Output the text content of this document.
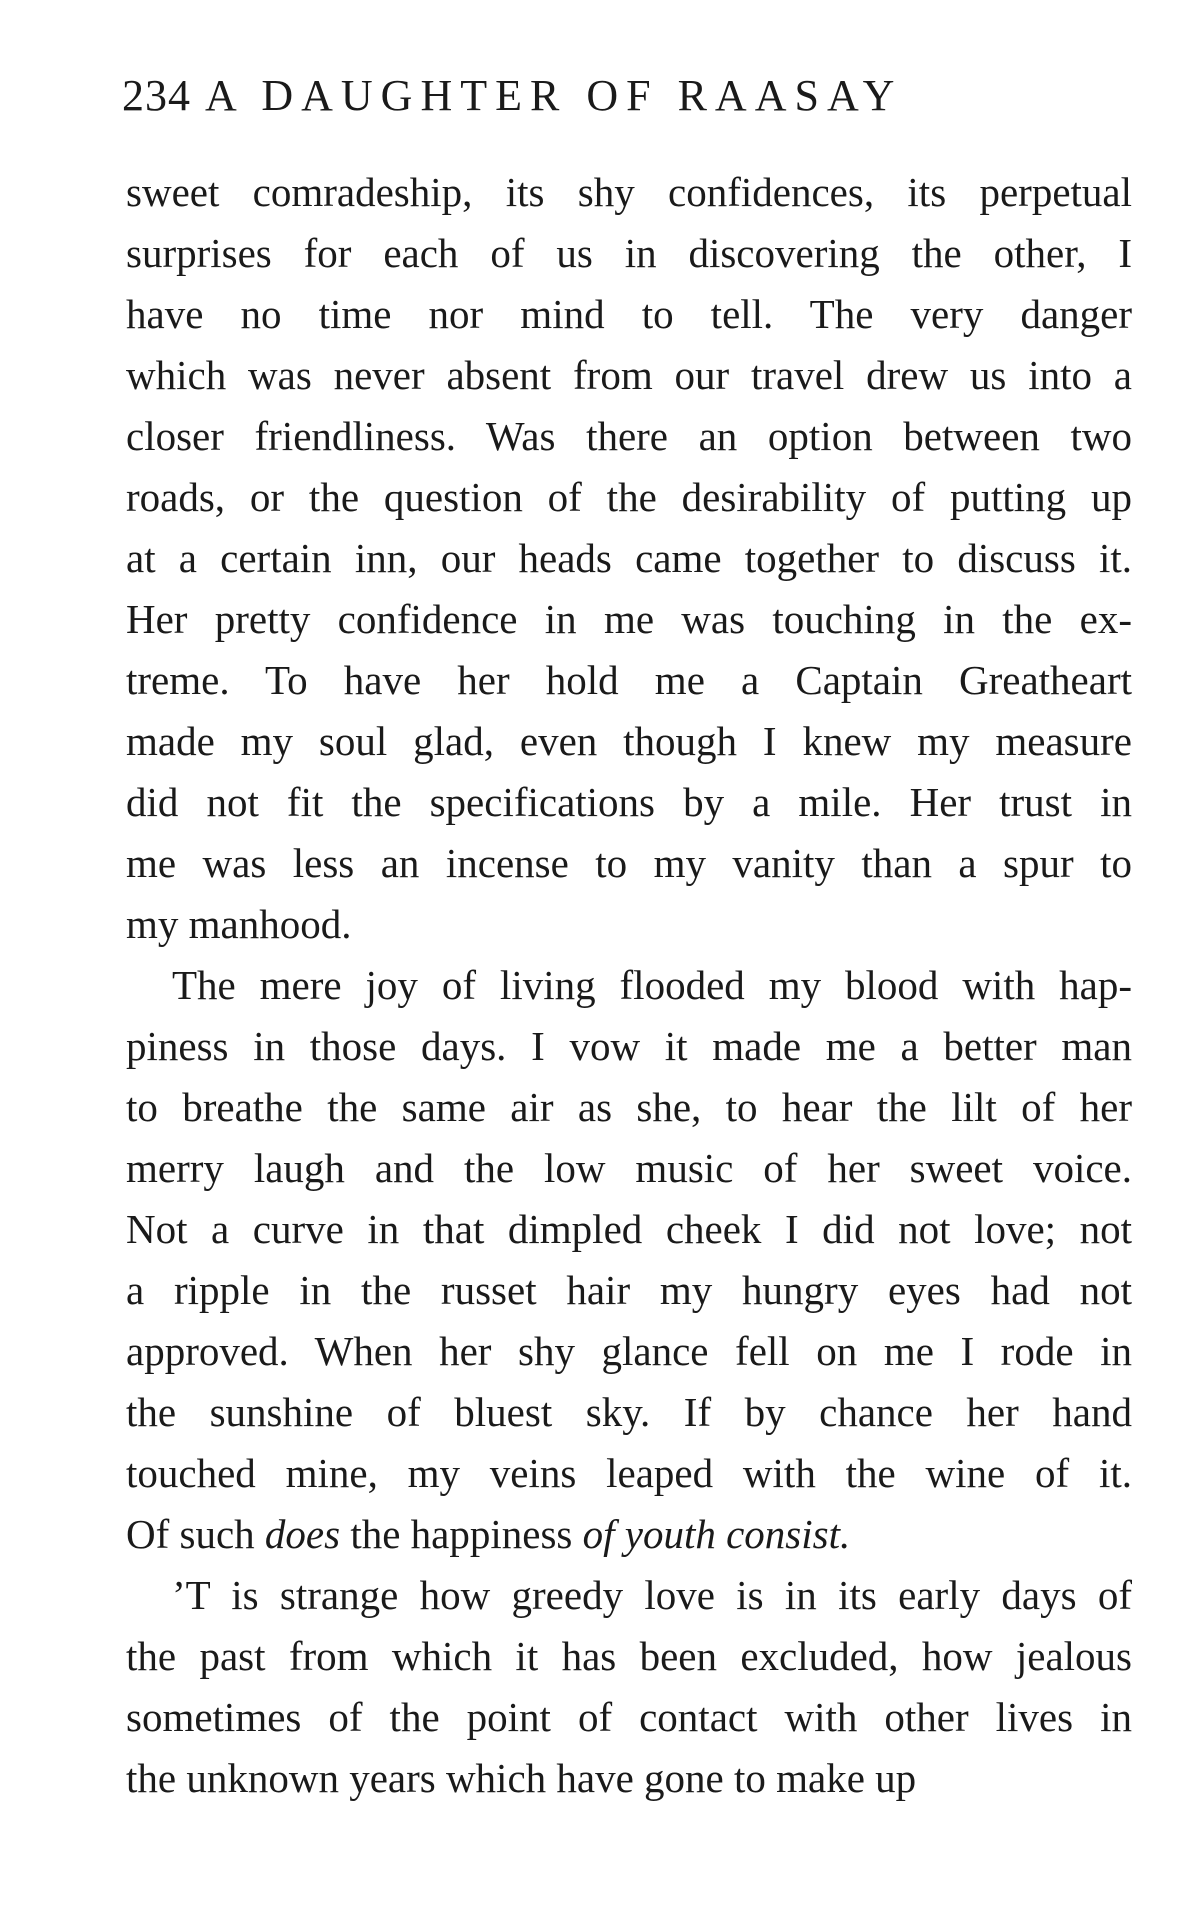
234 A DAUGHTER OF RAASAY
sweet comradeship, its shy confidences, its perpetual
surprises for each of us in discovering the other, I
have no time nor mind to tell. The very danger
which was never absent from our travel drew us into a
closer friendliness. Was there an option between two
roads, or the question of the desirability of putting up
at a certain inn, our heads came together to discuss it.
Her pretty confidence in me was touching in the ex-
treme. To have her hold me a Captain Greatheart
made my soul glad, even though I knew my measure
did not fit the specifications by a mile. Her trust in
me was less an incense to my vanity than a spur to
my manhood.
The mere joy of living flooded my blood with hap-
piness in those days. I vow it made me a better man
to breathe the same air as she, to hear the lilt of her
merry laugh and the low music of her sweet voice.
Not a curve in that dimpled cheek I did not love; not
a ripple in the russet hair my hungry eyes had not
approved. When her shy glance fell on me I rode in
the sunshine of bluest sky. If by chance her hand
touched mine, my veins leaped with the wine of it.
Of such does the happiness of youth consist.
’T is strange how greedy love is in its early days of
the past from which it has been excluded, how jealous
sometimes of the point of contact with other lives in
the unknown years which have gone to make up
